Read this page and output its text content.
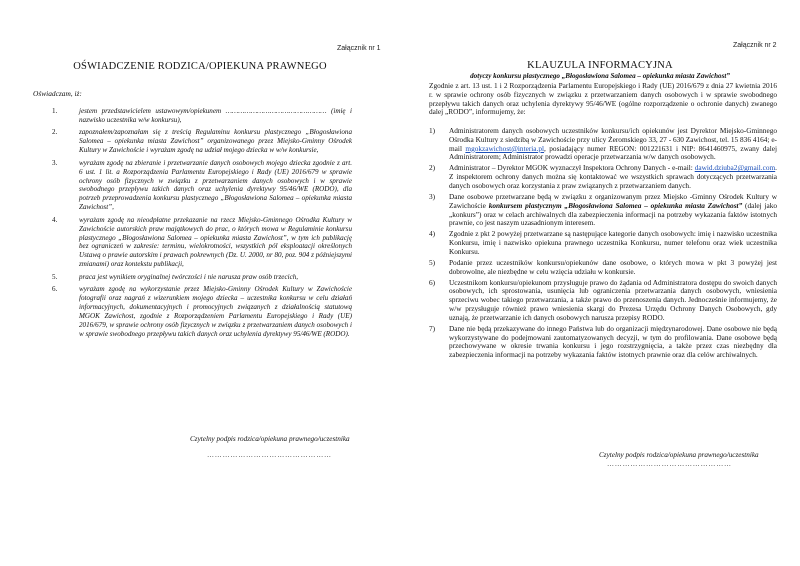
Załącznik nr 1
OŚWIADCZENIE RODZICA/OPIEKUNA PRAWNEGO
Oświadczam, iż:
1.	jestem przedstawicielem ustawowym/opiekunem ………………………………………… (imię i nazwisko uczestnika w/w konkursu),
2.	zapoznałem/zapoznałam się z treścią Regulaminu konkursu plastycznego „Błogosławiona Salomea – opiekunka miasta Zawichost” organizowanego przez Miejsko-Gminny Ośrodek Kultury w Zawichoście i wyrażam zgodę na udział mojego dziecka w w/w konkursie,
3.	wyrażam zgodę na zbieranie i przetwarzanie danych osobowych mojego dziecka zgodnie z art. 6 ust. 1 lit. a Rozporządzenia Parlamentu Europejskiego i Rady (UE) 2016/679 w sprawie ochrony osób fizycznych w związku z przetwarzaniem danych osobowych i w sprawie swobodnego przepływu takich danych oraz uchylenia dyrektywy 95/46/WE (RODO), dla potrzeb przeprowadzenia konkursu plastycznego „Błogosławiona Salomea – opiekunka miasta Zawichost”,
4.	wyrażam zgodę na nieodpłatne przekazanie na rzecz Miejsko-Gminnego Ośrodka Kultury w Zawichoście autorskich praw majątkowych do prac, o których mowa w Regulaminie konkursu plastycznego „Błogosławiona Salomea – opiekunka miasta Zawichost”, w tym ich publikację bez ograniczeń w zakresie: terminu, wielokrotności, wszystkich pól eksploatacji określonych Ustawą o prawie autorskim i prawach pokrewnych (Dz. U. 2000, nr 80, poz. 904 z późniejszymi zmianami) oraz kontekstu publikacji,
5.	praca jest wynikiem oryginalnej twórczości i nie narusza praw osób trzecich,
6.	wyrażam zgodę na wykorzystanie przez Miejsko-Gminny Ośrodek Kultury w Zawichoście fotografii oraz nagrań z wizerunkiem mojego dziecka – uczestnika konkursu w celu działań informacyjnych, dokumentacyjnych i promocyjnych związanych z działalnością statutową MGOK Zawichost, zgodnie z Rozporządzeniem Parlamentu Europejskiego i Rady (UE) 2016/679, w sprawie ochrony osób fizycznych w związku z przetwarzaniem danych osobowych i w sprawie swobodnego przepływu takich danych oraz uchylenia dyrektywy 95/46/WE (RODO).
Czytelny podpis rodzica/opiekuna prawnego/uczestnika
…………………………………………
Załącznik nr 2
KLAUZULA INFORMACYJNA
dotyczy konkursu plastycznego „Błogosławiona Salomea – opiekunka miasta Zawichost”
Zgodnie z art. 13 ust. 1 i 2 Rozporządzenia Parlamentu Europejskiego i Rady (UE) 2016/679 z dnia 27 kwietnia 2016 r. w sprawie ochrony osób fizycznych w związku z przetwarzaniem danych osobowych i w sprawie swobodnego przepływu takich danych oraz uchylenia dyrektywy 95/46/WE (ogólne rozporządzenie o ochronie danych) zwanego dalej „RODO”, informujemy, że:
1) Administratorem danych osobowych uczestników konkursu/ich opiekunów jest Dyrektor Miejsko-Gminnego Ośrodka Kultury z siedzibą w Zawichoście przy ulicy Żeromskiego 33, 27 - 630 Zawichost, tel. 15 836 4164; e-mail mgokzawichost@interia.pl, posiadający numer REGON: 001221631 i NIP: 8641460975, zwany dalej Administratorem; Administrator prowadzi operacje przetwarzania w/w danych osobowych.
2) Administrator – Dyrektor MGOK wyznaczył Inspektora Ochrony Danych - e-mail: dawid.dziuba2@gmail.com. Z inspektorem ochrony danych można się kontaktować we wszystkich sprawach dotyczących przetwarzania danych osobowych oraz korzystania z praw związanych z przetwarzaniem danych.
3) Dane osobowe przetwarzane będą w związku z organizowanym przez Miejsko -Gminny Ośrodek Kultury w Zawichoście konkursem plastycznym „Błogosławiona Salomea – opiekunka miasta Zawichost” (dalej jako „konkurs”) oraz w celach archiwalnych dla zabezpieczenia informacji na potrzeby wykazania faktów istotnych prawnie, co jest naszym uzasadnionym interesem.
4) Zgodnie z pkt 2 powyżej przetwarzane są następujące kategorie danych osobowych: imię i nazwisko uczestnika Konkursu, imię i nazwisko opiekuna prawnego uczestnika Konkursu, numer telefonu oraz wiek uczestnika Konkursu.
5) Podanie przez uczestników konkursu/opiekunów dane osobowe, o których mowa w pkt 3 powyżej jest dobrowolne, ale niezbędne w celu wzięcia udziału w konkursie.
6) Uczestnikom konkursu/opiekunom przysługuje prawo do żądania od Administratora dostępu do swoich danych osobowych, ich sprostowania, usunięcia lub ograniczenia przetwarzania danych osobowych, wniesienia sprzeciwu wobec takiego przetwarzania, a także prawo do przenoszenia danych. Jednocześnie informujemy, że w/w przysługuje również prawo wniesienia skargi do Prezesa Urzędu Ochrony Danych Osobowych, gdy uznają, że przetwarzanie ich danych osobowych narusza przepisy RODO.
7) Dane nie będą przekazywane do innego Państwa lub do organizacji międzynarodowej. Dane osobowe nie będą wykorzystywane do podejmowani zautomatyzowanych decyzji, w tym do profilowania. Dane osobowe będą przechowywane w okresie trwania konkursu i jego rozstrzygnięcia, a także przez czas niezbędny dla zabezpieczenia informacji na potrzeby wykazania faktów istotnych prawnie oraz dla celów archiwalnych.
Czytelny podpis rodzica/opiekuna prawnego/uczestnika
…………………………………………
